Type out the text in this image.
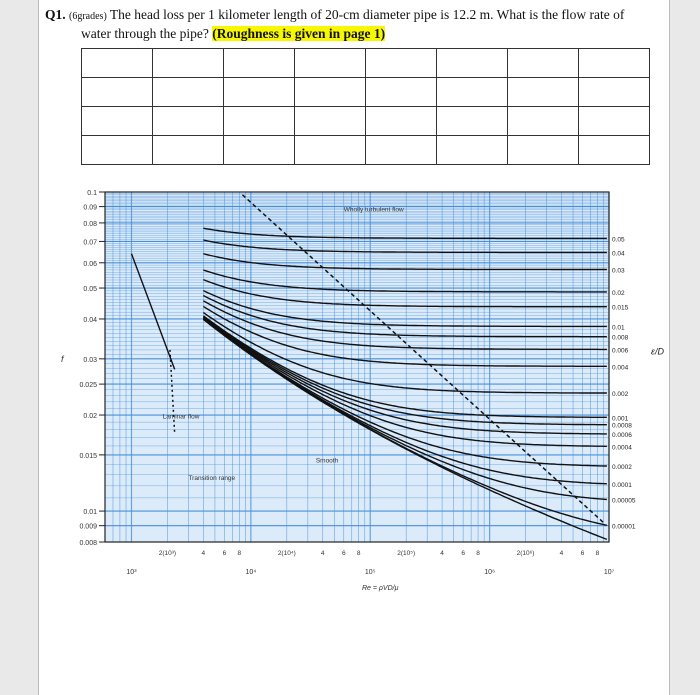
Q1. (6grades) The head loss per 1 kilometer length of 20-cm diameter pipe is 12.2 m. What is the flow rate of
water through the pipe? (Roughness is given in page 1)

0.1
0.09
0.08
0.07
0.06
0.05
0.04
0.03
0.025
0.02
0.015
0.01
0.009
0.008
f
2(10³)	4	6 8	2(10⁴)	4	6 8	2(10⁵)	4	6 8	2(10⁶)	4	6 8
10³	10⁴	10⁵	10⁶	10⁷
Re = ρVD/μ
0.05
0.04
0.03
0.02
0.015
0.01
0.008
0.006
0.004
0.002
0.001
0.0008
0.0006
0.0004
0.0002
0.0001
0.00005
0.00001
ε/D
Laminar flow
Wholly turbulent flow
Transition range
Smooth
